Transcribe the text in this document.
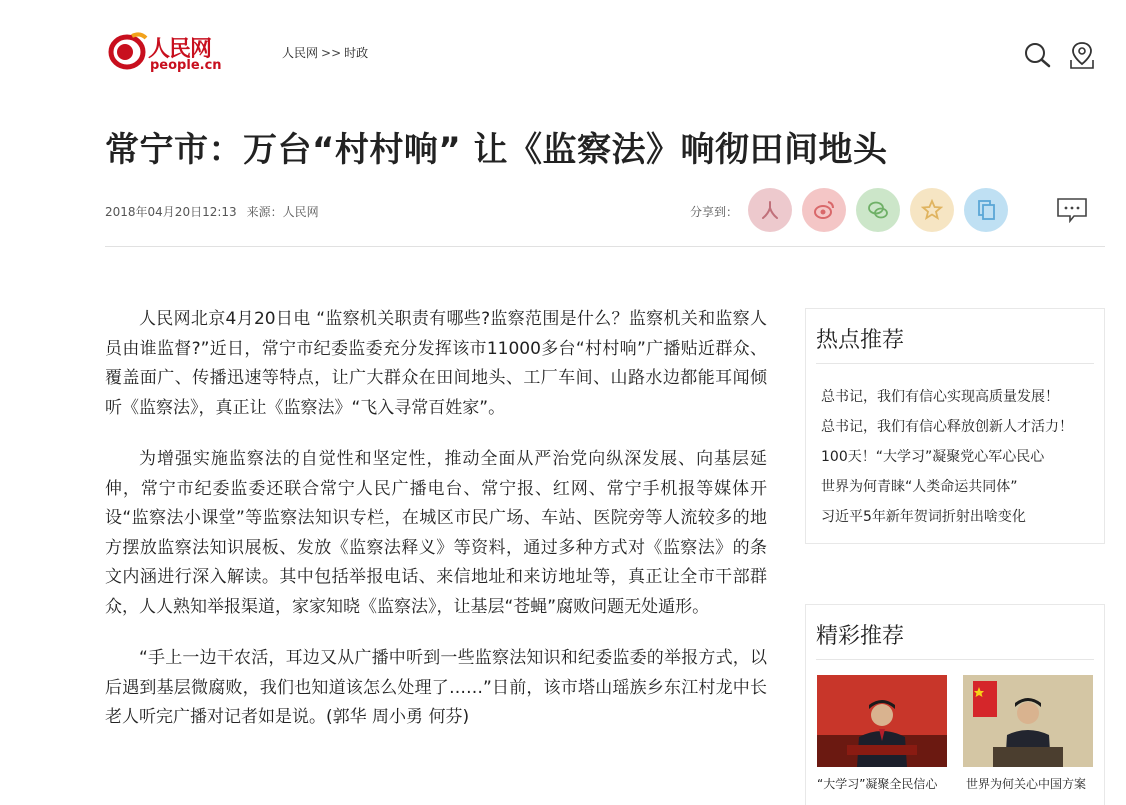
人民网
people.cn
人民网 >> 时政
常宁市：万台“村村响” 让《监察法》响彻田间地头
2018年04月20日12:13 来源：人民网	分享到：

人民网北京4月20日电 “监察机关职责有哪些?监察范围是什么？监察机关和监察人员由谁监督?”近日，常宁市纪委监委充分发挥该市11000多台“村村响”广播贴近群众、覆盖面广、传播迅速等特点，让广大群众在田间地头、工厂车间、山路水边都能耳闻倾听《监察法》，真正让《监察法》“飞入寻常百姓家”。

为增强实施监察法的自觉性和坚定性，推动全面从严治党向纵深发展、向基层延伸，常宁市纪委监委还联合常宁人民广播电台、常宁报、红网、常宁手机报等媒体开设“监察法小课堂”等监察法知识专栏，在城区市民广场、车站、医院旁等人流较多的地方摆放监察法知识展板、发放《监察法释义》等资料，通过多种方式对《监察法》的条文内涵进行深入解读。其中包括举报电话、来信地址和来访地址等，真正让全市干部群众，人人熟知举报渠道，家家知晓《监察法》，让基层“苍蝇”腐败问题无处遁形。

“手上一边干农活，耳边又从广播中听到一些监察法知识和纪委监委的举报方式，以后遇到基层微腐败，我们也知道该怎么处理了……”日前，该市塔山瑶族乡东江村龙中长老人听完广播对记者如是说。(郭华 周小勇 何芬)

热点推荐
总书记，我们有信心实现高质量发展！
总书记，我们有信心释放创新人才活力！
100天！“大学习”凝聚党心军心民心
世界为何青睐“人类命运共同体”
习近平5年新年贺词折射出啥变化
精彩推荐
“大学习”凝聚全民信心	世界为何关心中国方案
